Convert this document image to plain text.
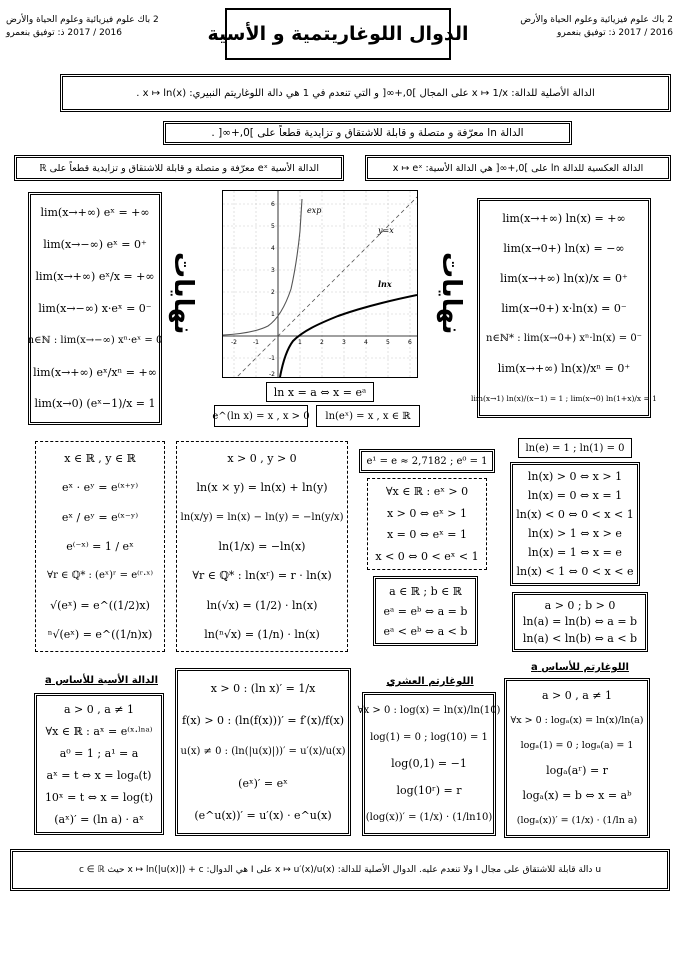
2 باك علوم فيزيائية وعلوم الحياة والأرض
2016 / 2017 ذ: توفيق بنعمرو
2 باك علوم فيزيائية وعلوم الحياة والأرض
2016 / 2017 ذ: توفيق بنعمرو
الدوال اللوغاريتمية و الأسية
الدالة الأصلية للدالة: x ↦ 1/x على المجال ]0,+∞[ و التي تنعدم في 1 هي دالة اللوغاريتم النبيري: x ↦ ln(x) .
الدالة ln معرّفة و متصلة و قابلة للاشتقاق و تزايدية قطعاً على ]0,+∞[ .
الدالة العكسية للدالة ln على ]0,+∞[ هي الدالة الأسية: x ↦ eˣ
الدالة الأسية eˣ معرّفة و متصلة و قابلة للاشتقاق و تزايدية قطعاً على ℝ
lim(x→+∞) eˣ = +∞
lim(x→−∞) eˣ = 0⁺
lim(x→+∞) eˣ/x = +∞
lim(x→−∞) x·eˣ = 0⁻
n∈ℕ : lim(x→−∞) xⁿ·eˣ = 0
lim(x→+∞) eˣ/xⁿ = +∞
lim(x→0) (eˣ−1)/x = 1
نهايات	نهايات
exp
y=x
lnx
-2	-1	1	2	3	4	5	6
6
5
4
3
2
1
-1
-2
ln x = a ⇔ x = eᵃ
e^(ln x) = x , x > 0 ln(eˣ) = x , x ∈ ℝ
lim(x→+∞) ln(x) = +∞
lim(x→0+) ln(x) = −∞
lim(x→+∞) ln(x)/x = 0⁺
lim(x→0+) x·ln(x) = 0⁻
n∈ℕ* : lim(x→0+) xⁿ·ln(x) = 0⁻
lim(x→+∞) ln(x)/xⁿ = 0⁺
lim(x→1) ln(x)/(x−1) = 1 ; lim(x→0) ln(1+x)/x = 1
x ∈ ℝ , y ∈ ℝ
eˣ · eʸ = e⁽ˣ⁺ʸ⁾
eˣ / eʸ = e⁽ˣ⁻ʸ⁾
e⁽⁻ˣ⁾ = 1 / eˣ
∀r ∈ ℚ* : (eˣ)ʳ = e⁽ʳ·ˣ⁾
√(eˣ) = e^((1/2)x)
ⁿ√(eˣ) = e^((1/n)x)
x > 0 , y > 0
ln(x × y) = ln(x) + ln(y)
ln(x/y) = ln(x) − ln(y) = −ln(y/x)
ln(1/x) = −ln(x)
∀r ∈ ℚ* : ln(xʳ) = r · ln(x)
ln(√x) = (1/2) · ln(x)
ln(ⁿ√x) = (1/n) · ln(x)
e¹ = e ≈ 2,7182 ; e⁰ = 1
∀x ∈ ℝ : eˣ > 0
x > 0 ⇔ eˣ > 1
x = 0 ⇔ eˣ = 1
x < 0 ⇔ 0 < eˣ < 1
a ∈ ℝ ; b ∈ ℝ
eᵃ = eᵇ ⇔ a = b
eᵃ < eᵇ ⇔ a < b
ln(e) = 1 ; ln(1) = 0
ln(x) > 0 ⇔ x > 1
ln(x) = 0 ⇔ x = 1
ln(x) < 0 ⇔ 0 < x < 1
ln(x) > 1 ⇔ x > e
ln(x) = 1 ⇔ x = e
ln(x) < 1 ⇔ 0 < x < e
a > 0 ; b > 0
ln(a) = ln(b) ⇔ a = b
ln(a) < ln(b) ⇔ a < b
الدالة الأسية للأساس a
a > 0 , a ≠ 1
∀x ∈ ℝ : aˣ = e⁽ˣ·ˡⁿᵃ⁾
a⁰ = 1 ; a¹ = a
aˣ = t ⇔ x = logₐ(t)
10ˣ = t ⇔ x = log(t)
(aˣ)′ = (ln a) · aˣ
x > 0 : (ln x)′ = 1/x
f(x) > 0 : (ln(f(x)))′ = f′(x)/f(x)
u(x) ≠ 0 : (ln(|u(x)|))′ = u′(x)/u(x)
(eˣ)′ = eˣ
(e^u(x))′ = u′(x) · e^u(x)
اللوغارتم العشري
∀x > 0 : log(x) = ln(x)/ln(10)
log(1) = 0 ; log(10) = 1
log(0,1) = −1
log(10ʳ) = r
(log(x))′ = (1/x) · (1/ln10)
اللوغارتم للأساس a
a > 0 , a ≠ 1
∀x > 0 : logₐ(x) = ln(x)/ln(a)
logₐ(1) = 0 ; logₐ(a) = 1
logₐ(aʳ) = r
logₐ(x) = b ⇔ x = aᵇ
(logₐ(x))′ = (1/x) · (1/ln a)
u دالة قابلة للاشتقاق على مجال I ولا تنعدم عليه. الدوال الأصلية للدالة: x ↦ u′(x)/u(x) على I هي الدوال: x ↦ ln(|u(x)|) + c حيث c ∈ ℝ
